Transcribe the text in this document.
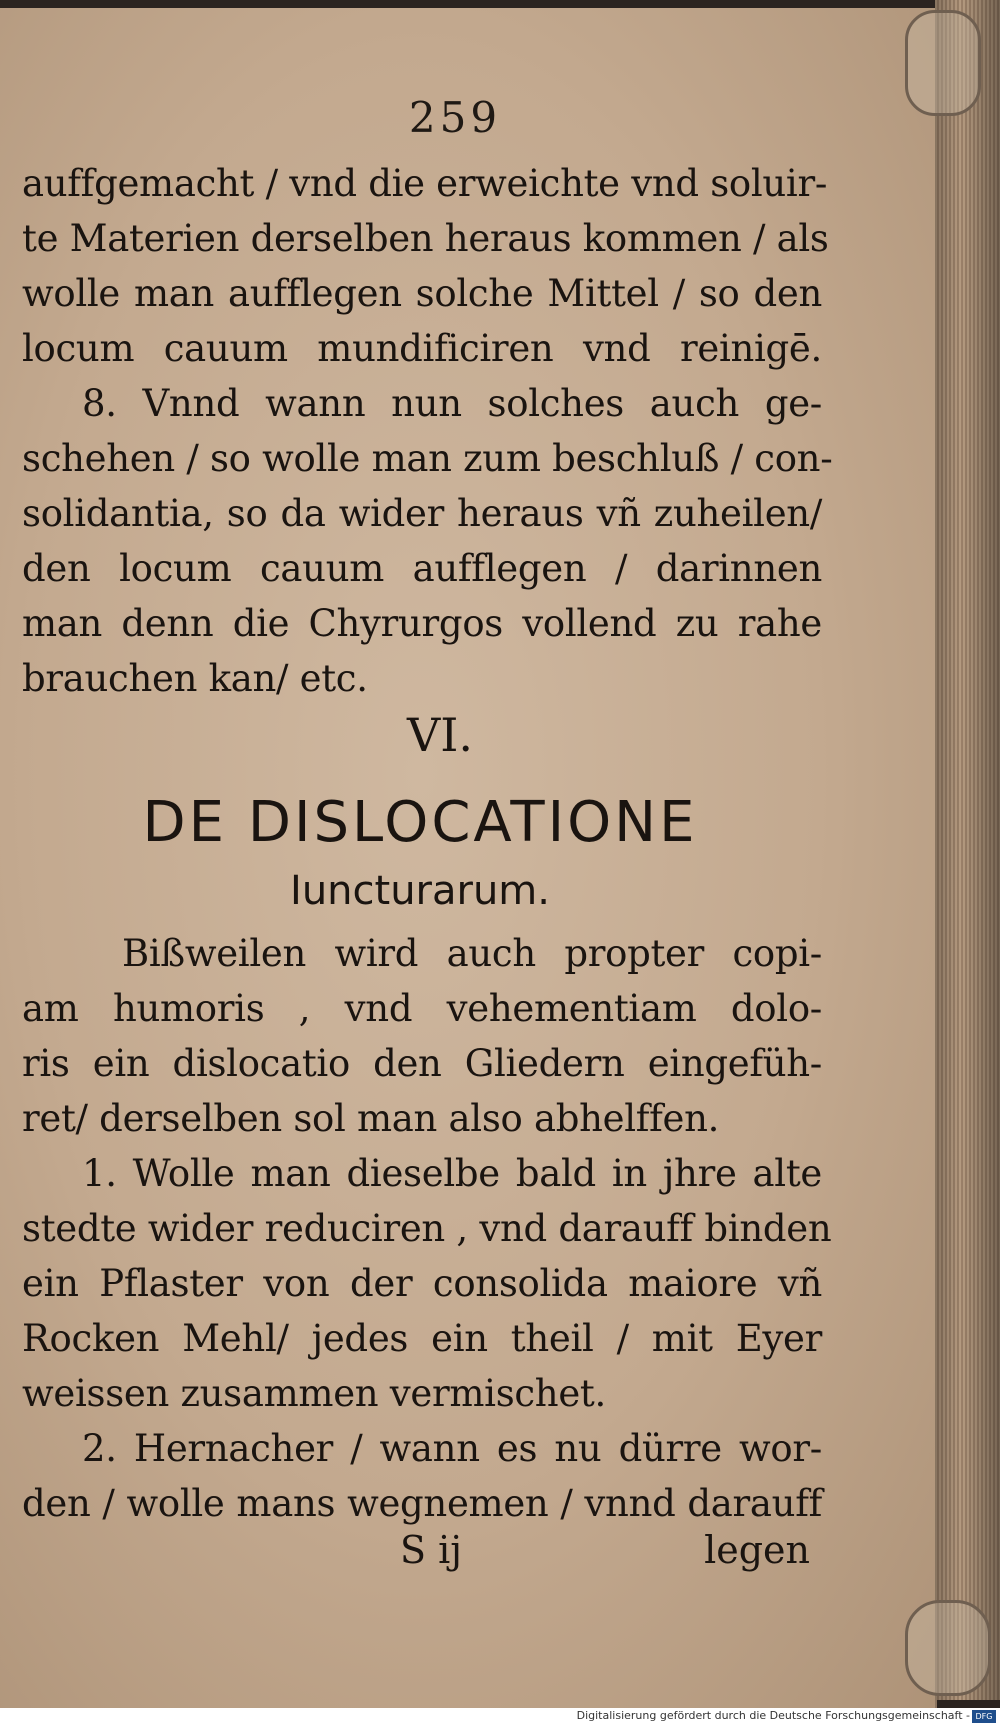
259
auffgemacht / vnd die erweichte vnd soluir-
te Materien derselben heraus kommen / als
wolle man aufflegen solche Mittel / so den
locum cauum mundificiren vnd reinigē.
8. Vnnd wann nun solches auch ge-
schehen / so wolle man zum beschluß / con-
solidantia, so da wider heraus vñ zuheilen/
den locum cauum aufflegen / darinnen
man denn die Chyrurgos vollend zu rahe
brauchen kan/ etc.
VI.
DE DISLOCATIONE
Iuncturarum.
Bißweilen wird auch propter copi-
am humoris , vnd vehementiam dolo-
ris ein dislocatio den Gliedern eingefüh-
ret/ derselben sol man also abhelffen.
1. Wolle man dieselbe bald in jhre alte
stedte wider reduciren , vnd darauff binden
ein Pflaster von der consolida maiore vñ
Rocken Mehl/ jedes ein theil / mit Eyer
weissen zusammen vermischet.
2. Hernacher / wann es nu dürre wor-
den / wolle mans wegnemen / vnnd darauff
S ij	legen
Digitalisierung gefördert durch die Deutsche Forschungsgemeinschaft - DFG
